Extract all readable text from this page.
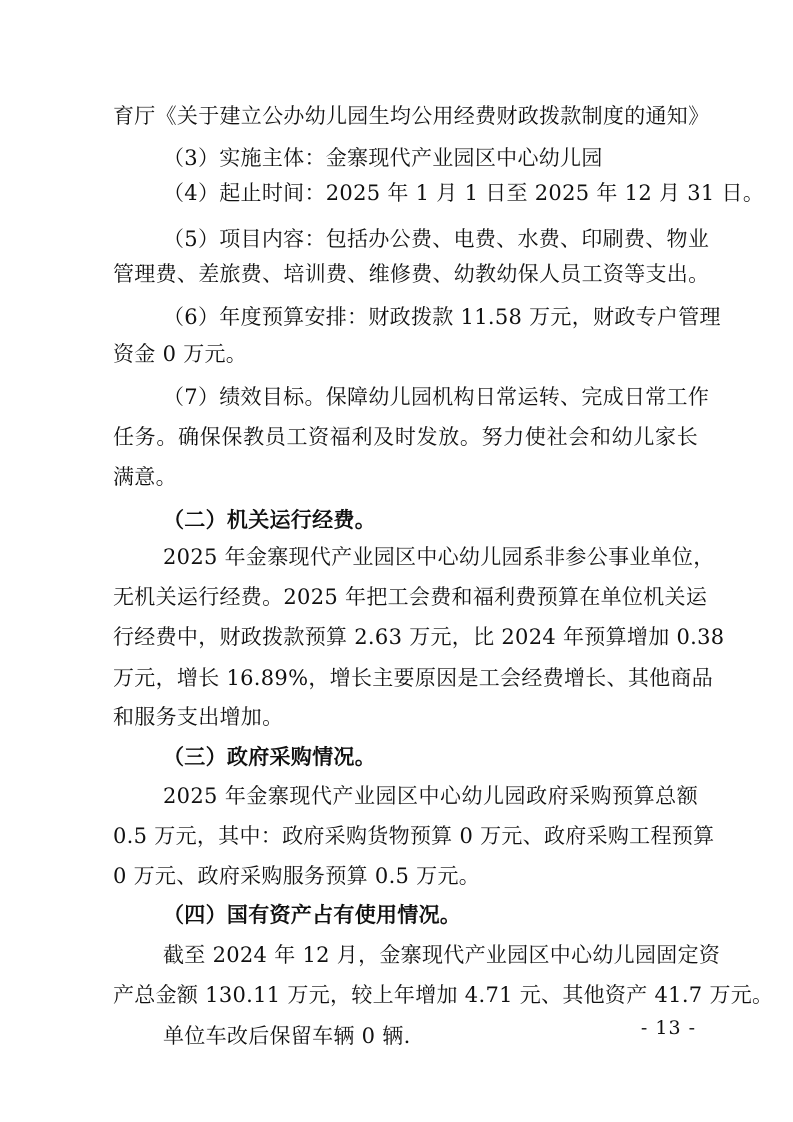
育厅《关于建立公办幼儿园生均公用经费财政拨款制度的通知》
（3）实施主体：金寨现代产业园区中心幼儿园
（4）起止时间：2025 年 1 月 1 日至 2025 年 12 月 31 日。
（5）项目内容：包括办公费、电费、水费、印刷费、物业
管理费、差旅费、培训费、维修费、幼教幼保人员工资等支出。
（6）年度预算安排：财政拨款 11.58 万元，财政专户管理
资金 0 万元。
（7）绩效目标。保障幼儿园机构日常运转、完成日常工作
任务。确保保教员工资福利及时发放。努力使社会和幼儿家长
满意。
（二）机关运行经费。
2025 年金寨现代产业园区中心幼儿园系非参公事业单位，
无机关运行经费。2025 年把工会费和福利费预算在单位机关运
行经费中，财政拨款预算 2.63 万元，比 2024 年预算增加 0.38
万元，增长 16.89%，增长主要原因是工会经费增长、其他商品
和服务支出增加。
（三）政府采购情况。
2025 年金寨现代产业园区中心幼儿园政府采购预算总额
0.5 万元，其中：政府采购货物预算 0 万元、政府采购工程预算
0 万元、政府采购服务预算 0.5 万元。
（四）国有资产占有使用情况。
截至 2024 年 12 月，金寨现代产业园区中心幼儿园固定资
产总金额 130.11 万元，较上年增加 4.71 元、其他资产 41.7 万元。
单位车改后保留车辆 0 辆.	- 13 -
